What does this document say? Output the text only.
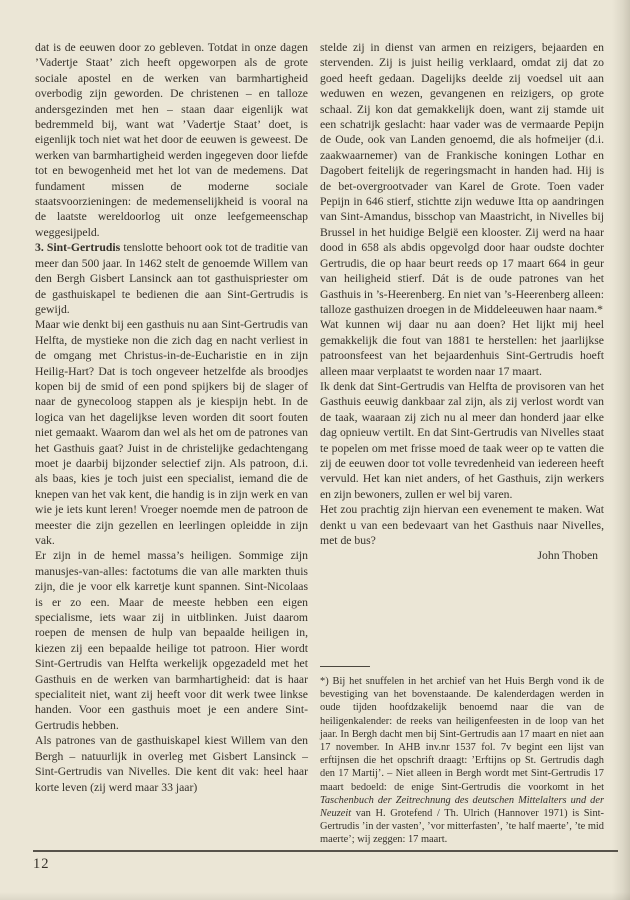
dat is de eeuwen door zo gebleven. Totdat in onze dagen ’Vadertje Staat’ zich heeft opgeworpen als de grote sociale apostel en de werken van barmhartigheid overbodig zijn geworden. De christenen – en talloze andersgezinden met hen – staan daar eigenlijk wat bedremmeld bij, want wat ’Vadertje Staat’ doet, is eigenlijk toch niet wat het door de eeuwen is geweest. De werken van barmhartigheid werden ingegeven door liefde tot en bewogenheid met het lot van de medemens. Dat fundament missen de moderne sociale staatsvoorzieningen: de medemenselijkheid is vooral na de laatste wereldoorlog uit onze leefgemeenschap weggesijpeld.

3. Sint-Gertrudis tenslotte behoort ook tot de traditie van meer dan 500 jaar. In 1462 stelt de genoemde Willem van den Bergh Gisbert Lansinck aan tot gasthuispriester om de gasthuiskapel te bedienen die aan Sint-Gertrudis is gewijd.

Maar wie denkt bij een gasthuis nu aan Sint-Gertrudis van Helfta, de mystieke non die zich dag en nacht verliest in de omgang met Christus-in-de-Eucharistie en in zijn Heilig-Hart? Dat is toch ongeveer hetzelfde als broodjes kopen bij de smid of een pond spijkers bij de slager of naar de gynecoloog stappen als je kiespijn hebt. In de logica van het dagelijkse leven worden dit soort fouten niet gemaakt. Waarom dan wel als het om de patrones van het Gasthuis gaat? Juist in de christelijke gedachtengang moet je daarbij bijzonder selectief zijn. Als patroon, d.i. als baas, kies je toch juist een specialist, iemand die de knepen van het vak kent, die handig is in zijn werk en van wie je iets kunt leren! Vroeger noemde men de patroon de meester die zijn gezellen en leerlingen opleidde in zijn vak.

Er zijn in de hemel massa’s heiligen. Sommige zijn manusjes-van-alles: factotums die van alle markten thuis zijn, die je voor elk karretje kunt spannen. Sint-Nicolaas is er zo een. Maar de meeste hebben een eigen specialisme, iets waar zij in uitblinken. Juist daarom roepen de mensen de hulp van bepaalde heiligen in, kiezen zij een bepaalde heilige tot patroon. Hier wordt Sint-Gertrudis van Helfta werkelijk opgezadeld met het Gasthuis en de werken van barmhartigheid: dat is haar specialiteit niet, want zij heeft voor dit werk twee linkse handen. Voor een gasthuis moet je een andere Sint-Gertrudis hebben.

Als patrones van de gasthuiskapel kiest Willem van den Bergh – natuurlijk in overleg met Gisbert Lansinck – Sint-Gertrudis van Nivelles. Die kent dit vak: heel haar korte leven (zij werd maar 33 jaar)

stelde zij in dienst van armen en reizigers, bejaarden en stervenden. Zij is juist heilig verklaard, omdat zij dat zo goed heeft gedaan. Dagelijks deelde zij voedsel uit aan weduwen en wezen, gevangenen en reizigers, op grote schaal. Zij kon dat gemakkelijk doen, want zij stamde uit een schatrijk geslacht: haar vader was de vermaarde Pepijn de Oude, ook van Landen genoemd, die als hofmeijer (d.i. zaakwaarnemer) van de Frankische koningen Lothar en Dagobert feitelijk de regeringsmacht in handen had. Hij is de bet-overgrootvader van Karel de Grote. Toen vader Pepijn in 646 stierf, stichtte zijn weduwe Itta op aandringen van Sint-Amandus, bisschop van Maastricht, in Nivelles bij Brussel in het huidige België een klooster. Zij werd na haar dood in 658 als abdis opgevolgd door haar oudste dochter Gertrudis, die op haar beurt reeds op 17 maart 664 in geur van heiligheid stierf. Dát is de oude patrones van het Gasthuis in ’s-Heerenberg. En niet van ’s-Heerenberg alleen: talloze gasthuizen droegen in de Middeleeuwen haar naam.*

Wat kunnen wij daar nu aan doen? Het lijkt mij heel gemakkelijk die fout van 1881 te herstellen: het jaarlijkse patroonsfeest van het bejaardenhuis Sint-Gertrudis hoeft alleen maar verplaatst te worden naar 17 maart.

Ik denk dat Sint-Gertrudis van Helfta de provisoren van het Gasthuis eeuwig dankbaar zal zijn, als zij verlost wordt van de taak, waaraan zij zich nu al meer dan honderd jaar elke dag opnieuw vertilt. En dat Sint-Gertrudis van Nivelles staat te popelen om met frisse moed de taak weer op te vatten die zij de eeuwen door tot volle tevredenheid van iedereen heeft vervuld. Het kan niet anders, of het Gasthuis, zijn werkers en zijn bewoners, zullen er wel bij varen.

Het zou prachtig zijn hiervan een evenement te maken. Wat denkt u van een bedevaart van het Gasthuis naar Nivelles, met de bus?

John Thoben

*) Bij het snuffelen in het archief van het Huis Bergh vond ik de bevestiging van het bovenstaande. De kalenderdagen werden in oude tijden hoofdzakelijk benoemd naar die van de heiligenkalender: de reeks van heiligenfeesten in de loop van het jaar. In Bergh dacht men bij Sint-Gertrudis aan 17 maart en niet aan 17 november. In AHB inv.nr 1537 fol. 7v begint een lijst van erftijnsen die het opschrift draagt: ’Erftijns op St. Gertrudis dagh den 17 Martij’. – Niet alleen in Bergh wordt met Sint-Gertrudis 17 maart bedoeld: de enige Sint-Gertrudis die voorkomt in het Taschenbuch der Zeitrechnung des deutschen Mittelalters und der Neuzeit van H. Grotefend / Th. Ulrich (Hannover 1971) is Sint-Gertrudis ’in der vasten’, ’vor mitterfasten’, ’te half maerte’, ’te mid maerte’; wij zeggen: 17 maart.

12
